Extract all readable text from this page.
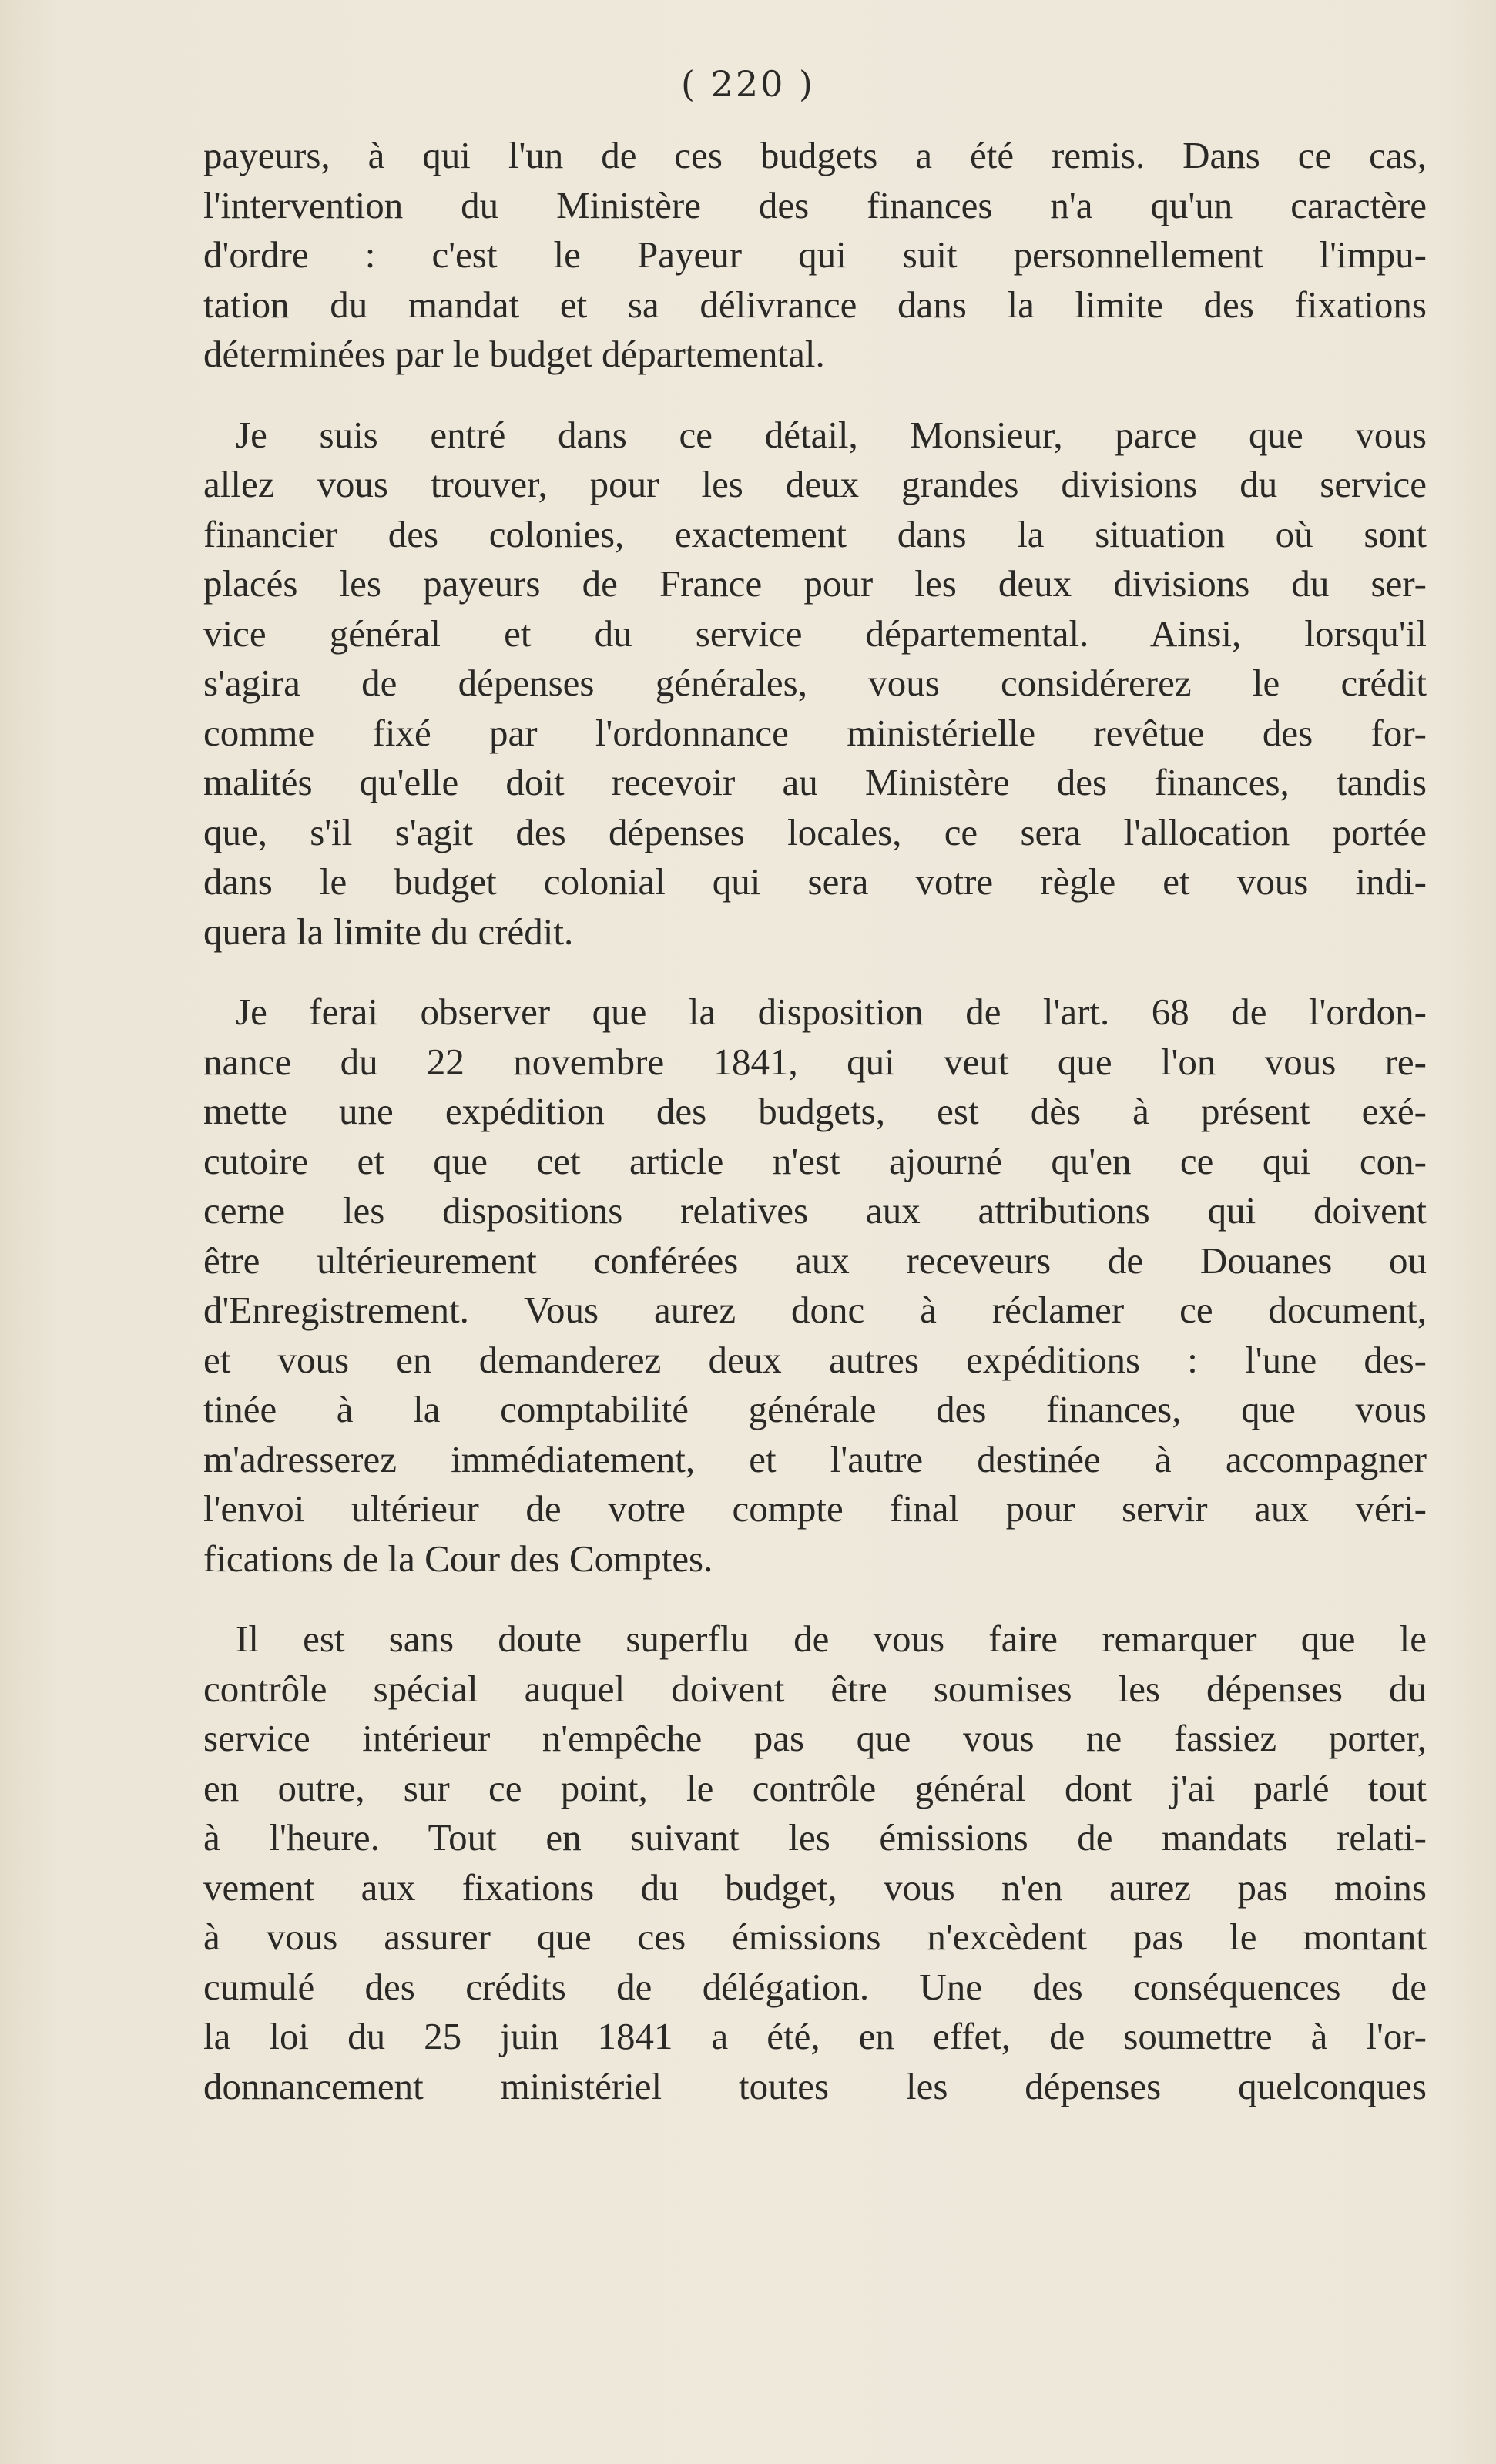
( 220 )

payeurs, à qui l'un de ces budgets a été remis. Dans ce cas,
l'intervention du Ministère des finances n'a qu'un caractère
d'ordre : c'est le Payeur qui suit personnellement l'impu-
tation du mandat et sa délivrance dans la limite des fixations
déterminées par le budget départemental.

Je suis entré dans ce détail, Monsieur, parce que vous
allez vous trouver, pour les deux grandes divisions du service
financier des colonies, exactement dans la situation où sont
placés les payeurs de France pour les deux divisions du ser-
vice général et du service départemental. Ainsi, lorsqu'il
s'agira de dépenses générales, vous considérerez le crédit
comme fixé par l'ordonnance ministérielle revêtue des for-
malités qu'elle doit recevoir au Ministère des finances, tandis
que, s'il s'agit des dépenses locales, ce sera l'allocation portée
dans le budget colonial qui sera votre règle et vous indi-
quera la limite du crédit.

Je ferai observer que la disposition de l'art. 68 de l'ordon-
nance du 22 novembre 1841, qui veut que l'on vous re-
mette une expédition des budgets, est dès à présent exé-
cutoire et que cet article n'est ajourné qu'en ce qui con-
cerne les dispositions relatives aux attributions qui doivent
être ultérieurement conférées aux receveurs de Douanes ou
d'Enregistrement. Vous aurez donc à réclamer ce document,
et vous en demanderez deux autres expéditions : l'une des-
tinée à la comptabilité générale des finances, que vous
m'adresserez immédiatement, et l'autre destinée à accompagner
l'envoi ultérieur de votre compte final pour servir aux véri-
fications de la Cour des Comptes.

Il est sans doute superflu de vous faire remarquer que le
contrôle spécial auquel doivent être soumises les dépenses du
service intérieur n'empêche pas que vous ne fassiez porter,
en outre, sur ce point, le contrôle général dont j'ai parlé tout
à l'heure. Tout en suivant les émissions de mandats relati-
vement aux fixations du budget, vous n'en aurez pas moins
à vous assurer que ces émissions n'excèdent pas le montant
cumulé des crédits de délégation. Une des conséquences de
la loi du 25 juin 1841 a été, en effet, de soumettre à l'or-
donnancement ministériel toutes les dépenses quelconques
